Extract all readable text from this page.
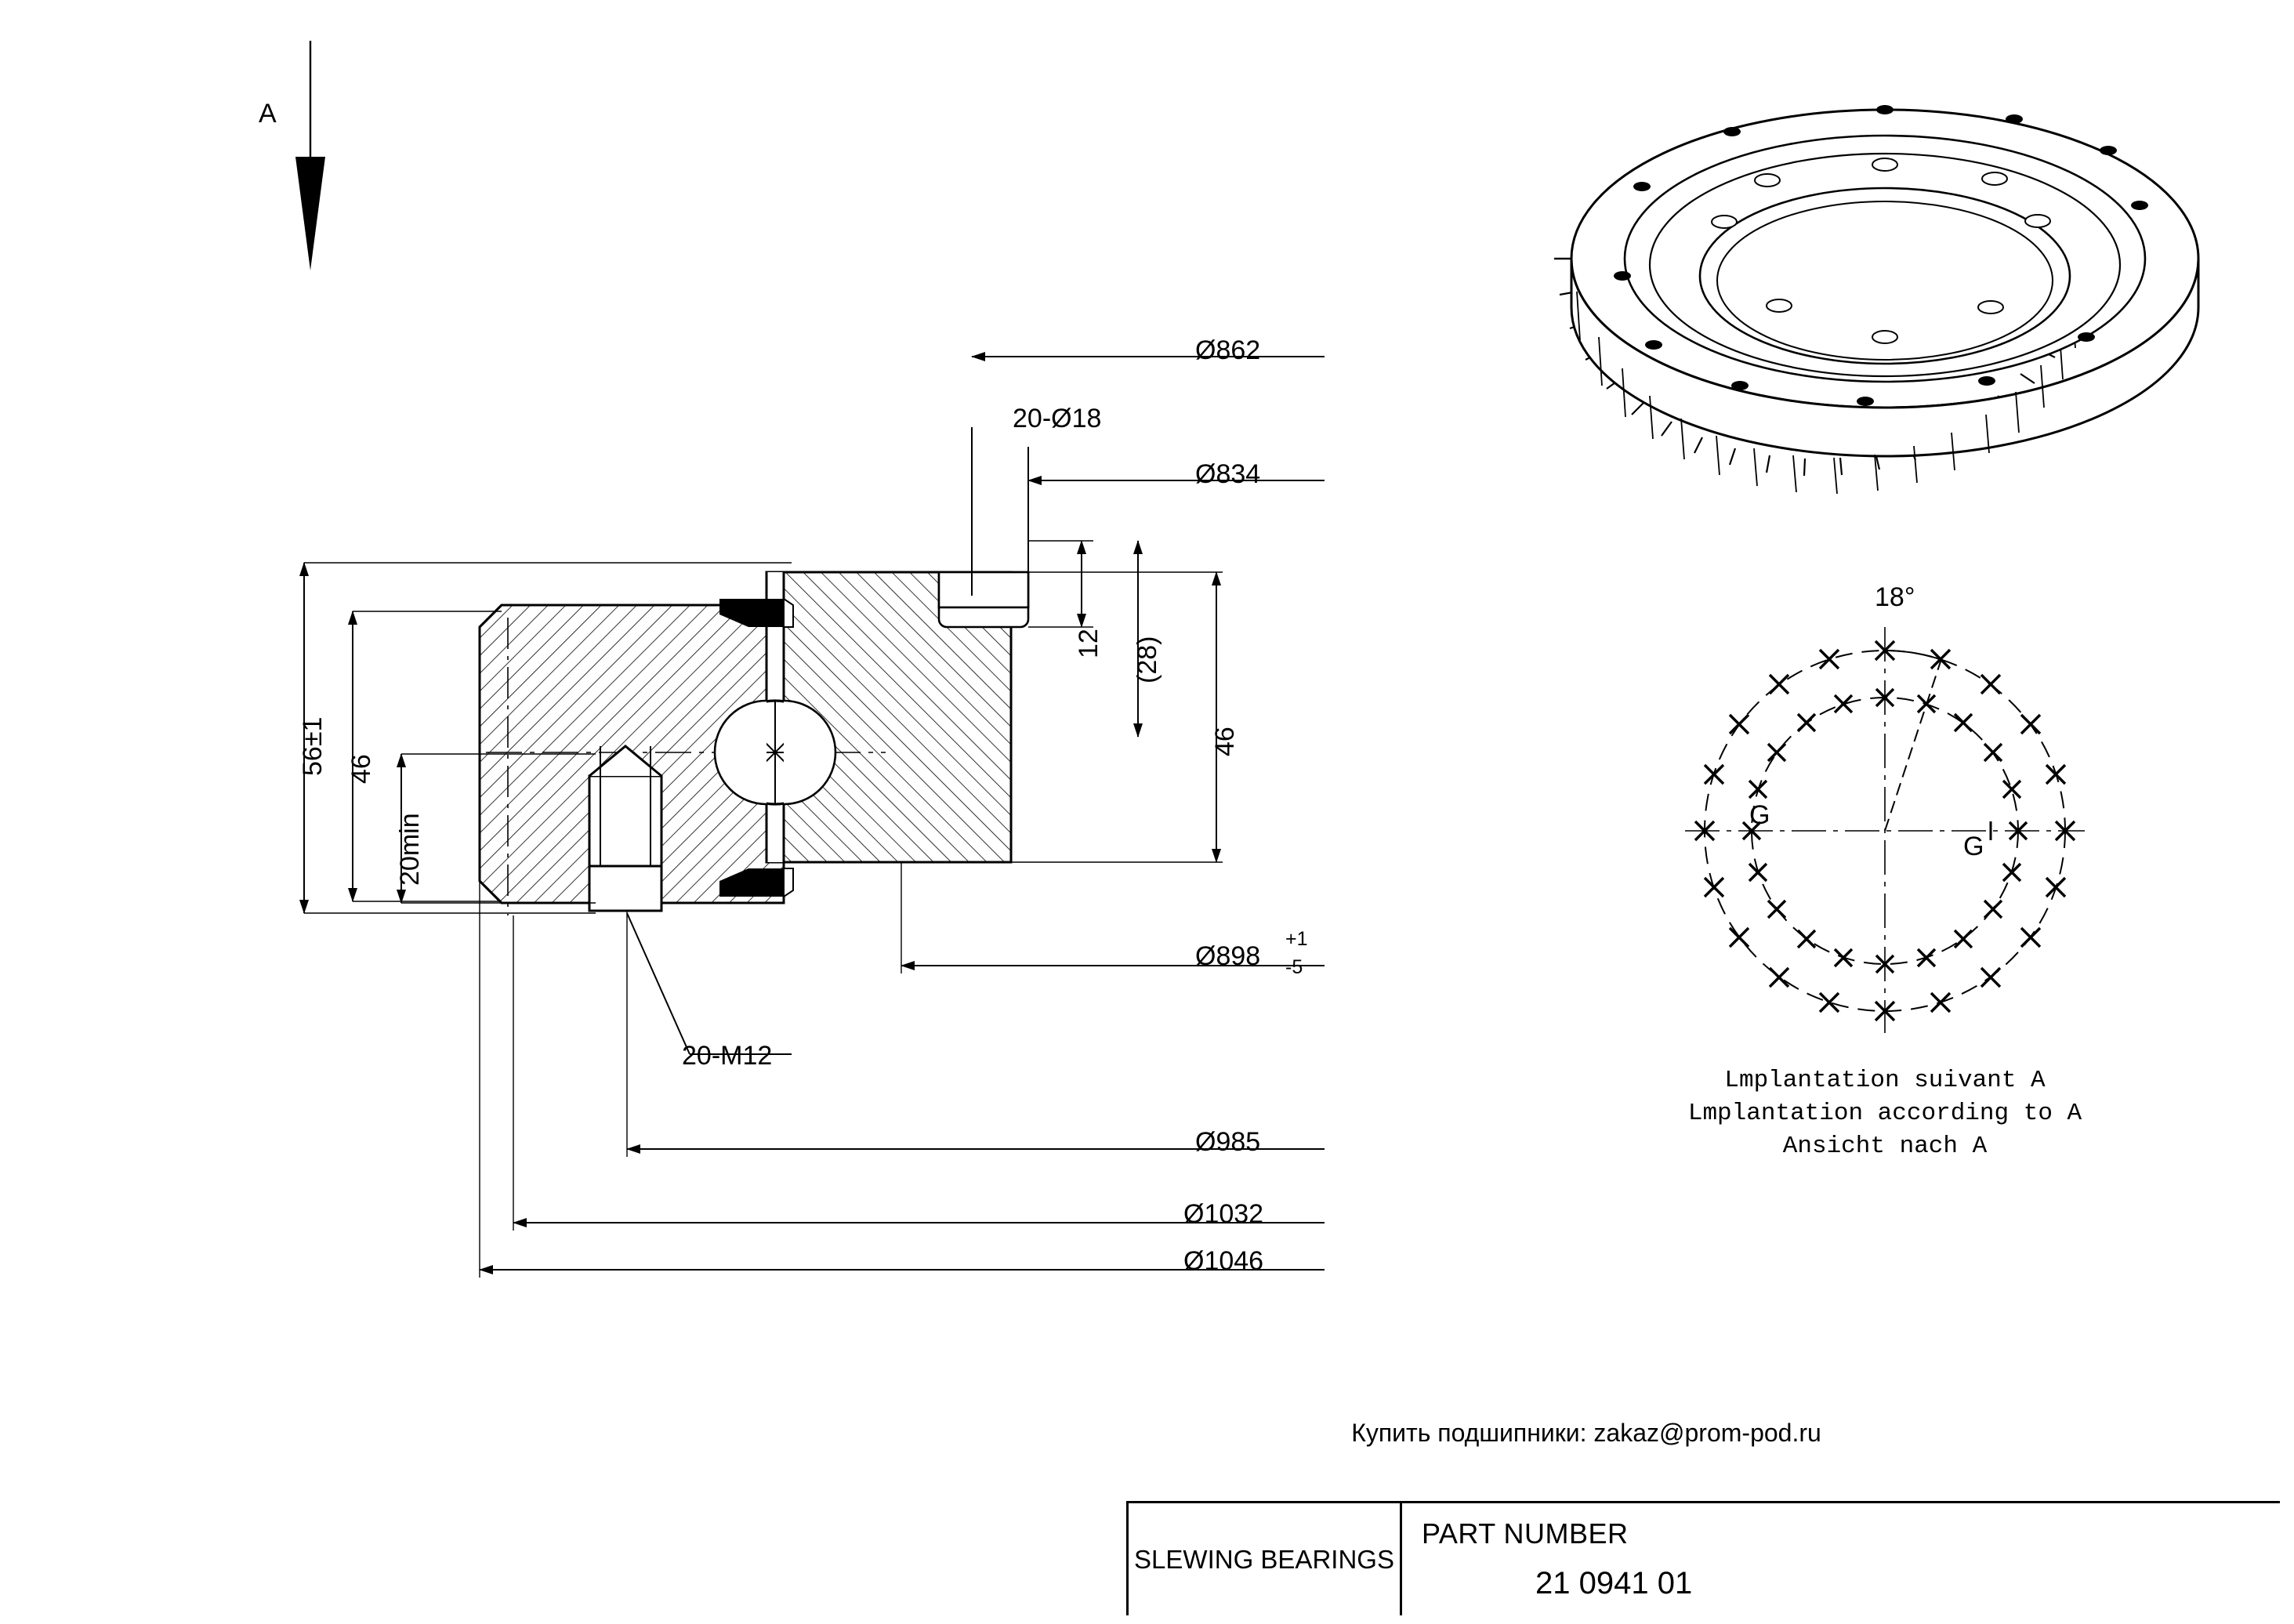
A
Ø862
20-Ø18
Ø834
12 (28)
46
56±1 46
20min
Ø898
+1
-5
20-M12
Ø985
Ø1032
Ø1046
18°
G
G
Lmplantation suivant A
Lmplantation according to A
Ansicht nach A
Купить подшипники: zakaz@prom-pod.ru
SLEWING BEARINGS
PART NUMBER
21 0941 01
